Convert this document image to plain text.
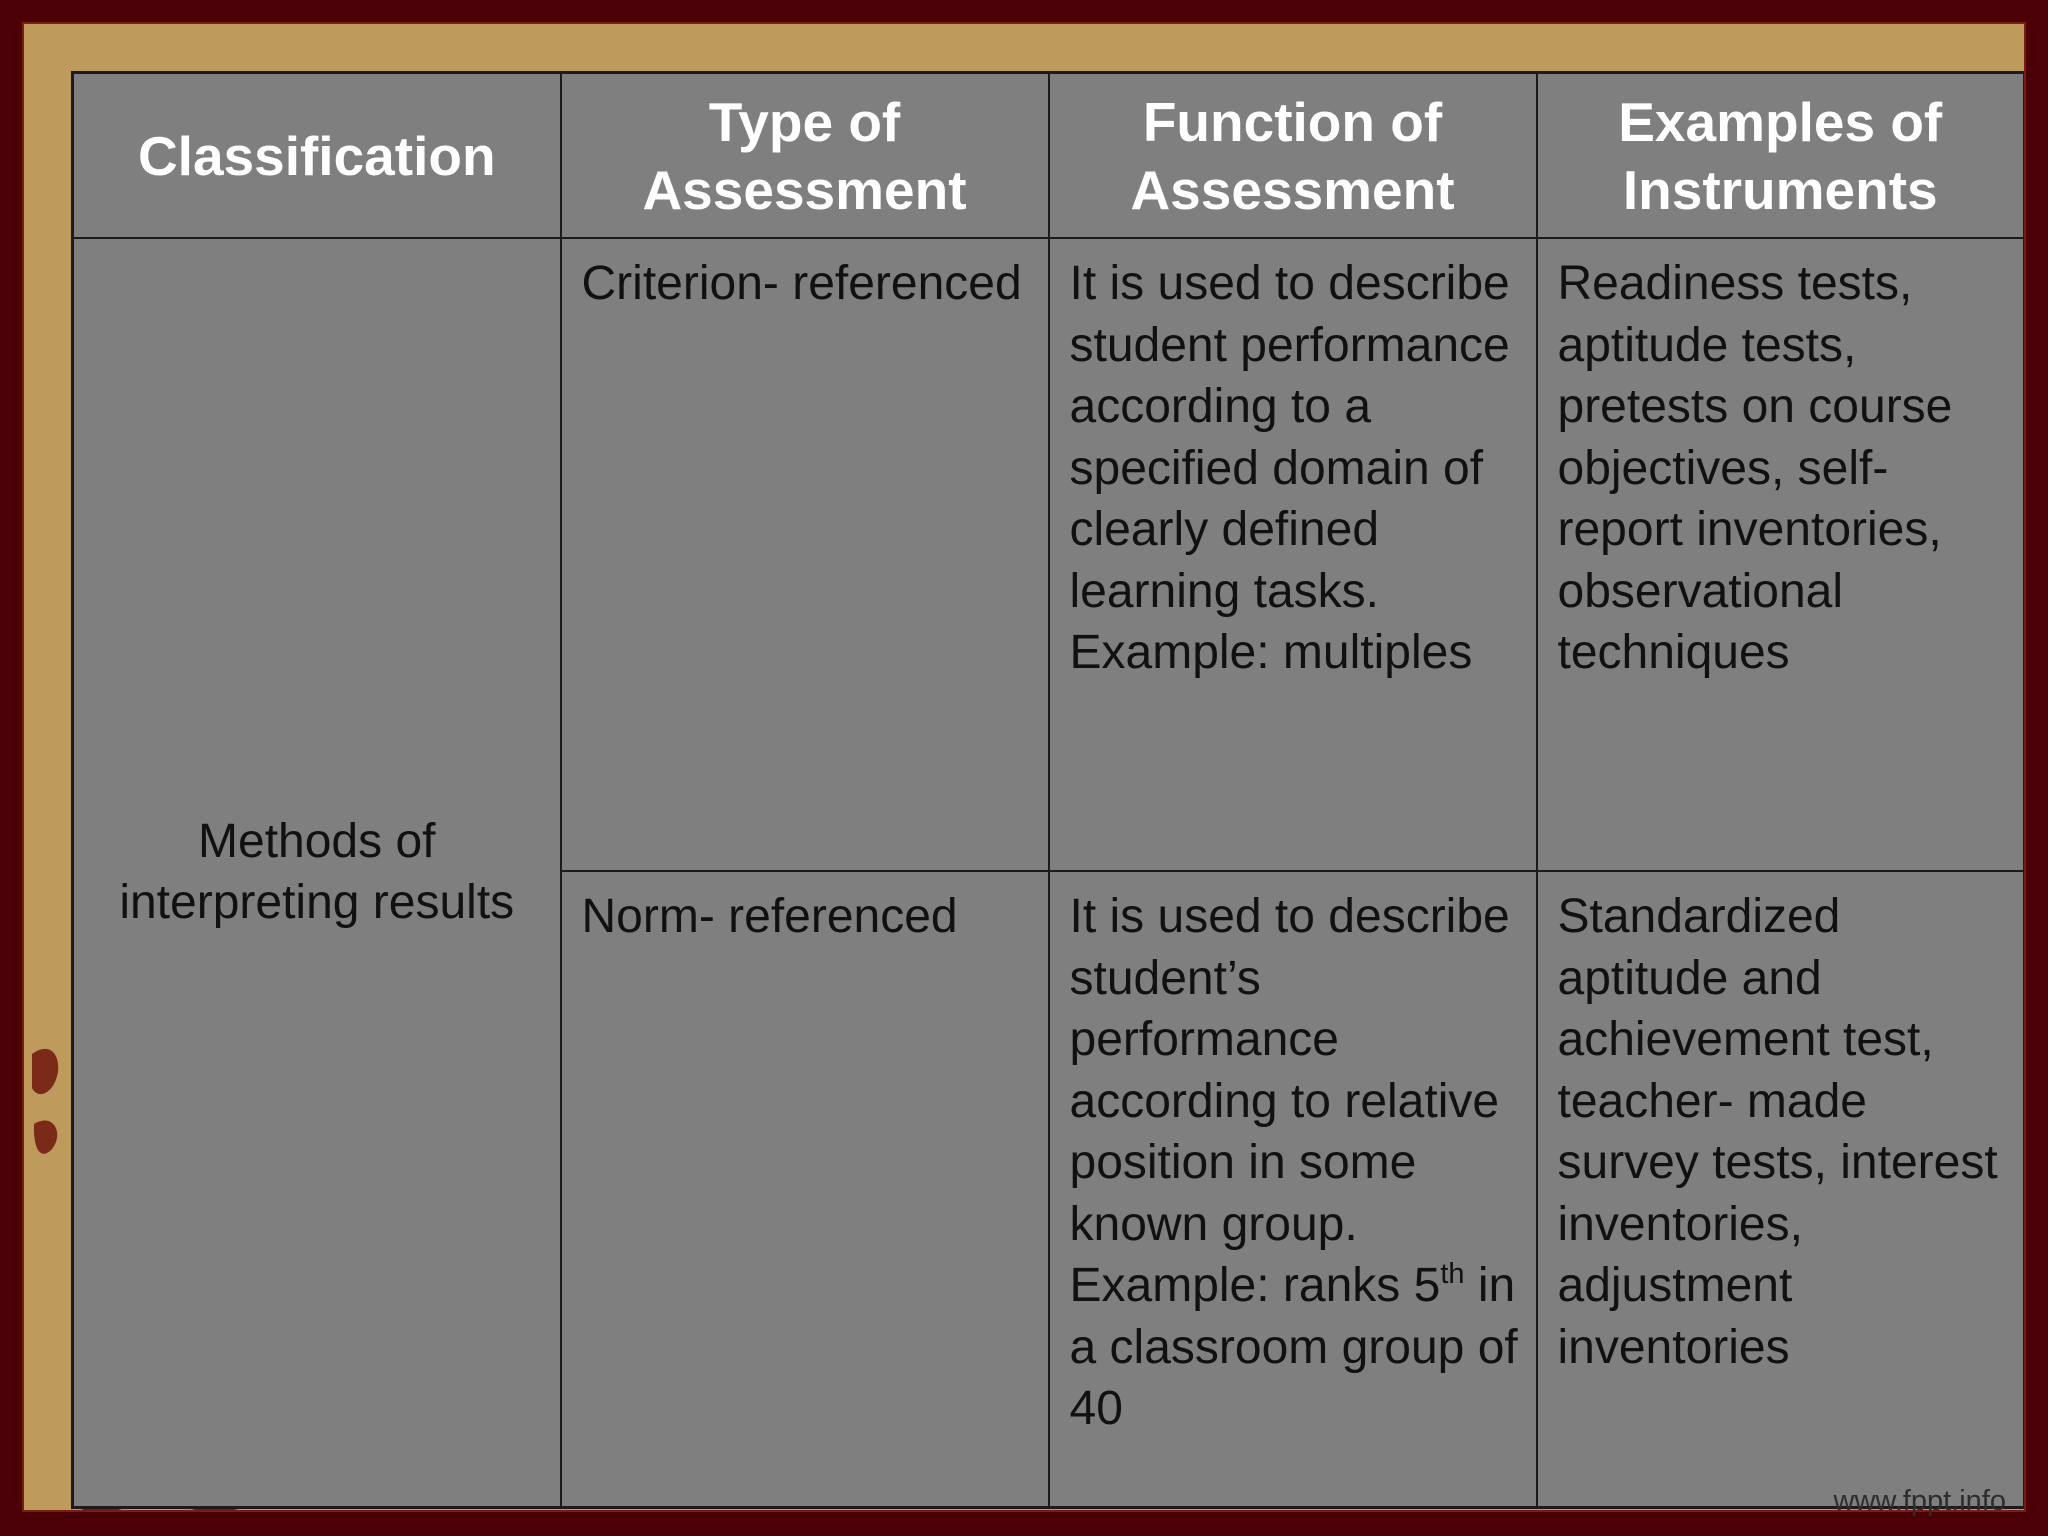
Classification	Type of Assessment	Function of Assessment	Examples of Instruments
Methods of interpreting results	Criterion- referenced	It is used to describe student performance according to a specified domain of clearly defined learning tasks. Example: multiples	Readiness tests, aptitude tests, pretests on course objectives, self- report inventories, observational techniques
	Norm- referenced	It is used to describe student’s performance according to relative position in some known group. Example: ranks 5th in a classroom group of 40	Standardized aptitude and achievement test, teacher- made survey tests, interest inventories, adjustment inventories
www.fppt.info
